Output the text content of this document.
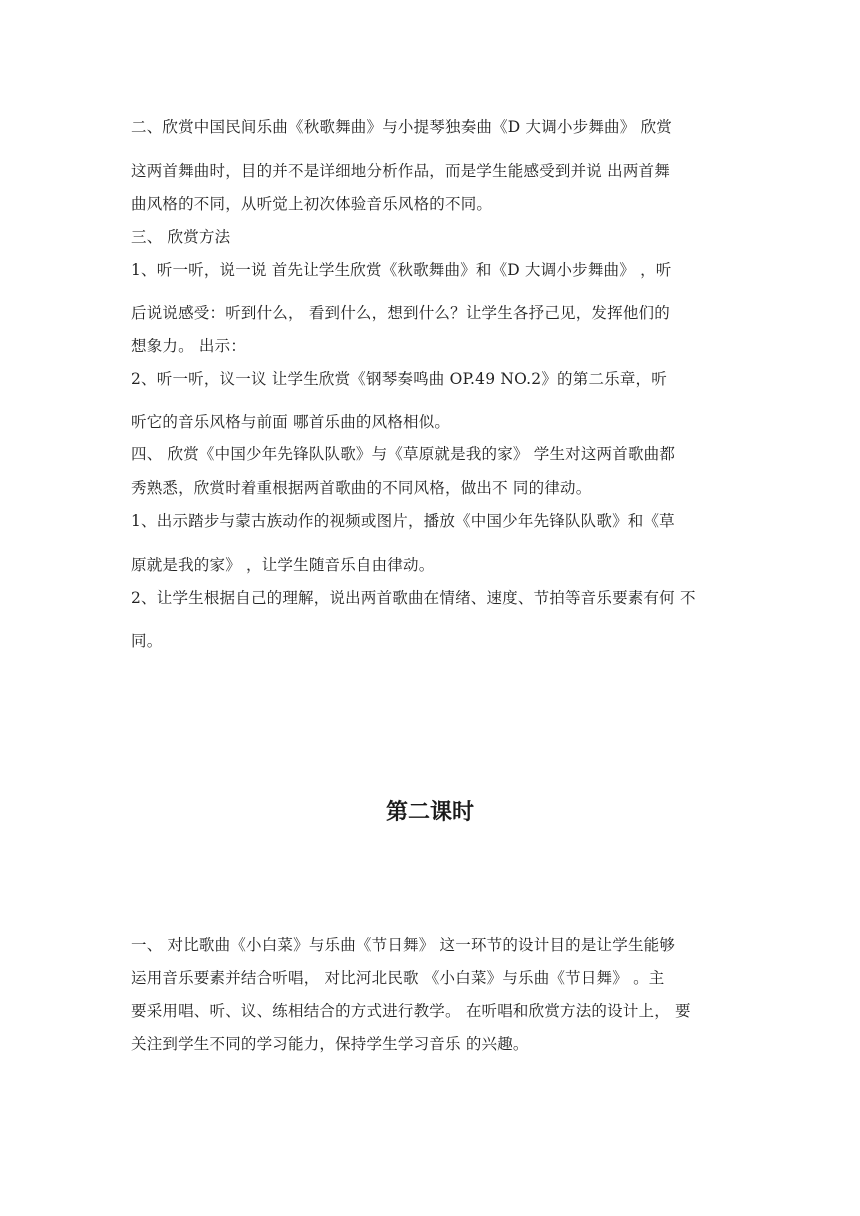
二、欣赏中国民间乐曲《秋歌舞曲》与小提琴独奏曲《D 大调小步舞曲》 欣赏
这两首舞曲时，目的并不是详细地分析作品，而是学生能感受到并说 出两首舞
曲风格的不同，从听觉上初次体验音乐风格的不同。
三、 欣赏方法
1、听一听，说一说 首先让学生欣赏《秋歌舞曲》和《D 大调小步舞曲》 ，听
后说说感受：听到什么， 看到什么，想到什么？让学生各抒己见，发挥他们的
想象力。 出示：
2、听一听，议一议 让学生欣赏《钢琴奏鸣曲 OP.49 NO.2》的第二乐章，听
听它的音乐风格与前面 哪首乐曲的风格相似。
四、 欣赏《中国少年先锋队队歌》与《草原就是我的家》 学生对这两首歌曲都
秀熟悉，欣赏时着重根据两首歌曲的不同风格，做出不 同的律动。
1、出示踏步与蒙古族动作的视频或图片，播放《中国少年先锋队队歌》和《草
原就是我的家》 ，让学生随音乐自由律动。
2、让学生根据自己的理解，说出两首歌曲在情绪、速度、节拍等音乐要素有何 不
同。
第二课时
一、 对比歌曲《小白菜》与乐曲《节日舞》 这一环节的设计目的是让学生能够
运用音乐要素并结合听唱， 对比河北民歌 《小白菜》与乐曲《节日舞》 。主
要采用唱、听、议、练相结合的方式进行教学。 在听唱和欣赏方法的设计上， 要
关注到学生不同的学习能力，保持学生学习音乐 的兴趣。
